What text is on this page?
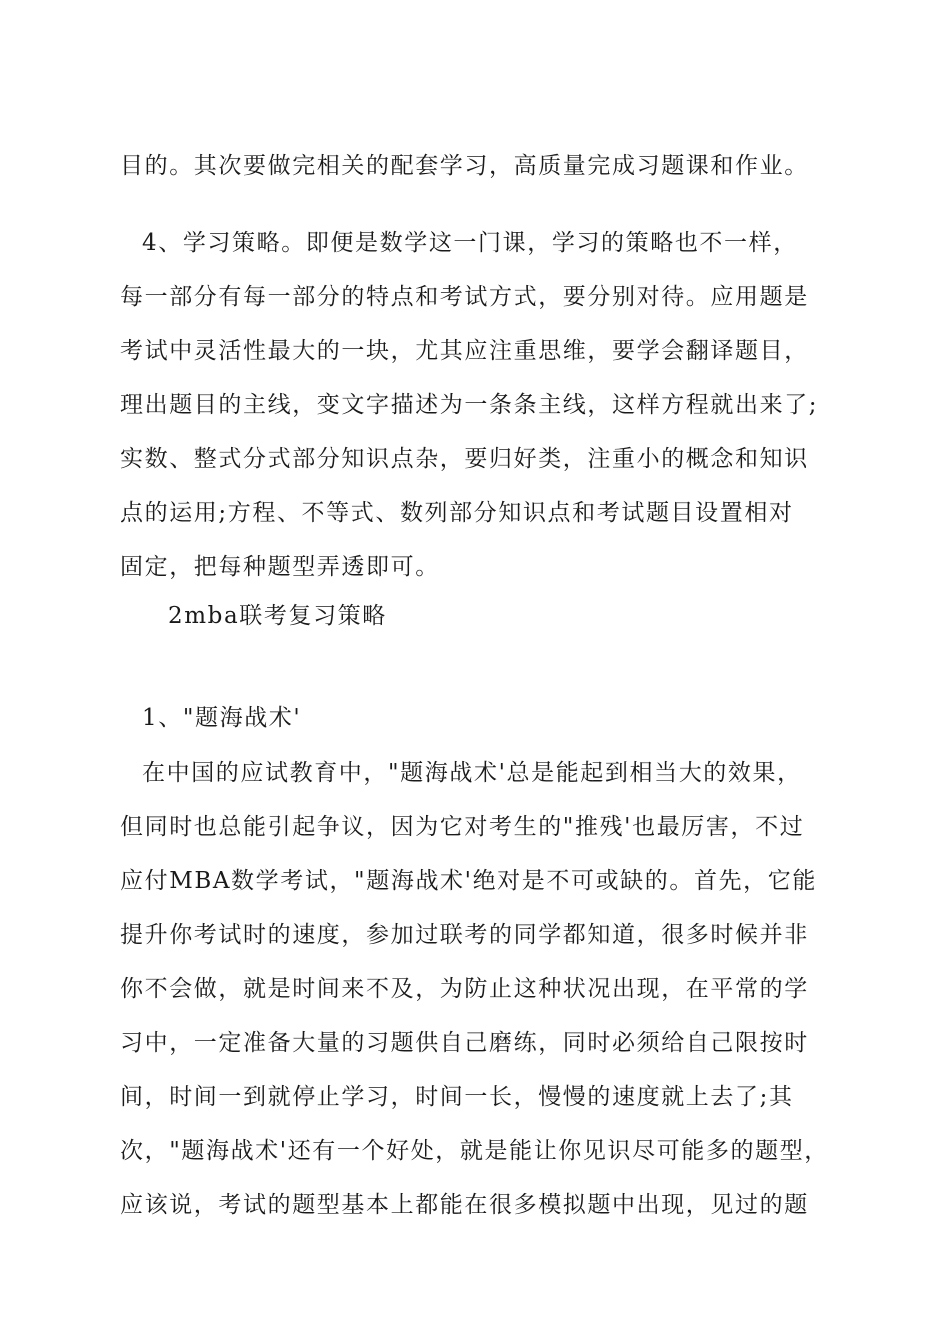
目的。其次要做完相关的配套学习，高质量完成习题课和作业。
4、学习策略。即便是数学这一门课，学习的策略也不一样，
每一部分有每一部分的特点和考试方式，要分别对待。应用题是
考试中灵活性最大的一块，尤其应注重思维，要学会翻译题目，
理出题目的主线，变文字描述为一条条主线，这样方程就出来了;
实数、整式分式部分知识点杂，要归好类，注重小的概念和知识
点的运用;方程、不等式、数列部分知识点和考试题目设置相对
固定，把每种题型弄透即可。
2mba联考复习策略
1、"题海战术'
在中国的应试教育中，"题海战术'总是能起到相当大的效果，
但同时也总能引起争议，因为它对考生的"推残'也最厉害，不过
应付MBA数学考试，"题海战术'绝对是不可或缺的。首先，它能
提升你考试时的速度，参加过联考的同学都知道，很多时候并非
你不会做，就是时间来不及，为防止这种状况出现，在平常的学
习中，一定准备大量的习题供自己磨练，同时必须给自己限按时
间，时间一到就停止学习，时间一长，慢慢的速度就上去了;其
次，"题海战术'还有一个好处，就是能让你见识尽可能多的题型，
应该说，考试的题型基本上都能在很多模拟题中出现，见过的题
